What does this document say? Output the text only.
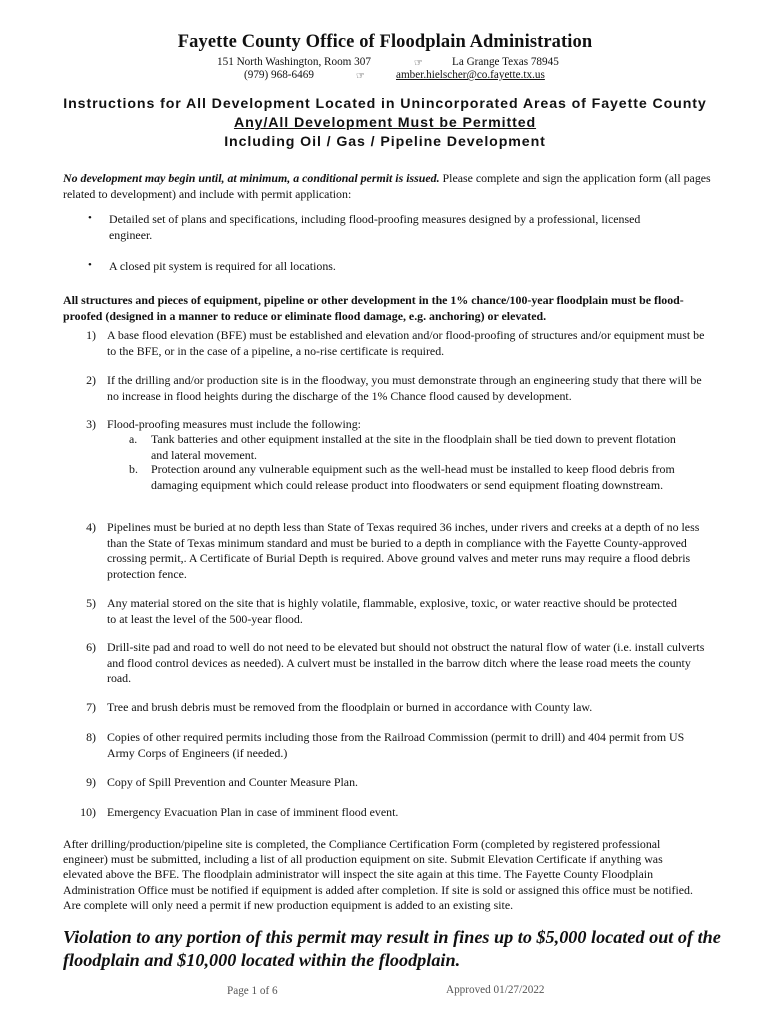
Fayette County Office of Floodplain Administration
151 North Washington, Room 307	☞	La Grange Texas 78945
(979) 968-6469	☞	amber.hielscher@co.fayette.tx.us
Instructions for All Development Located in Unincorporated Areas of Fayette County
Any/All Development Must be Permitted
Including Oil / Gas / Pipeline Development
No development may begin until, at minimum, a conditional permit is issued. Please complete and sign the application form (all pages related to development) and include with permit application:
• Detailed set of plans and specifications, including flood-proofing measures designed by a professional, licensed engineer.
• A closed pit system is required for all locations.
All structures and pieces of equipment, pipeline or other development in the 1% chance/100-year floodplain must be flood-proofed (designed in a manner to reduce or eliminate flood damage, e.g. anchoring) or elevated.
1) A base flood elevation (BFE) must be established and elevation and/or flood-proofing of structures and/or equipment must be to the BFE, or in the case of a pipeline, a no-rise certificate is required.
2) If the drilling and/or production site is in the floodway, you must demonstrate through an engineering study that there will be no increase in flood heights during the discharge of the 1% Chance flood caused by development.
3) Flood-proofing measures must include the following:
a. Tank batteries and other equipment installed at the site in the floodplain shall be tied down to prevent flotation and lateral movement.
b. Protection around any vulnerable equipment such as the well-head must be installed to keep flood debris from damaging equipment which could release product into floodwaters or send equipment floating downstream.
4) Pipelines must be buried at no depth less than State of Texas required 36 inches, under rivers and creeks at a depth of no less than the State of Texas minimum standard and must be buried to a depth in compliance with the Fayette County-approved crossing permit,. A Certificate of Burial Depth is required. Above ground valves and meter runs may require a flood debris protection fence.
5) Any material stored on the site that is highly volatile, flammable, explosive, toxic, or water reactive should be protected to at least the level of the 500-year flood.
6) Drill-site pad and road to well do not need to be elevated but should not obstruct the natural flow of water (i.e. install culverts and flood control devices as needed). A culvert must be installed in the barrow ditch where the lease road meets the county road.
7) Tree and brush debris must be removed from the floodplain or burned in accordance with County law.
8) Copies of other required permits including those from the Railroad Commission (permit to drill) and 404 permit from US Army Corps of Engineers (if needed.)
9) Copy of Spill Prevention and Counter Measure Plan.
10) Emergency Evacuation Plan in case of imminent flood event.
After drilling/production/pipeline site is completed, the Compliance Certification Form (completed by registered professional engineer) must be submitted, including a list of all production equipment on site. Submit Elevation Certificate if anything was elevated above the BFE. The floodplain administrator will inspect the site again at this time. The Fayette County Floodplain Administration Office must be notified if equipment is added after completion. If site is sold or assigned this office must be notified. Are complete will only need a permit if new production equipment is added to an existing site.
Violation to any portion of this permit may result in fines up to $5,000 located out of the floodplain and $10,000 located within the floodplain.
Page 1 of 6	Approved 01/27/2022
